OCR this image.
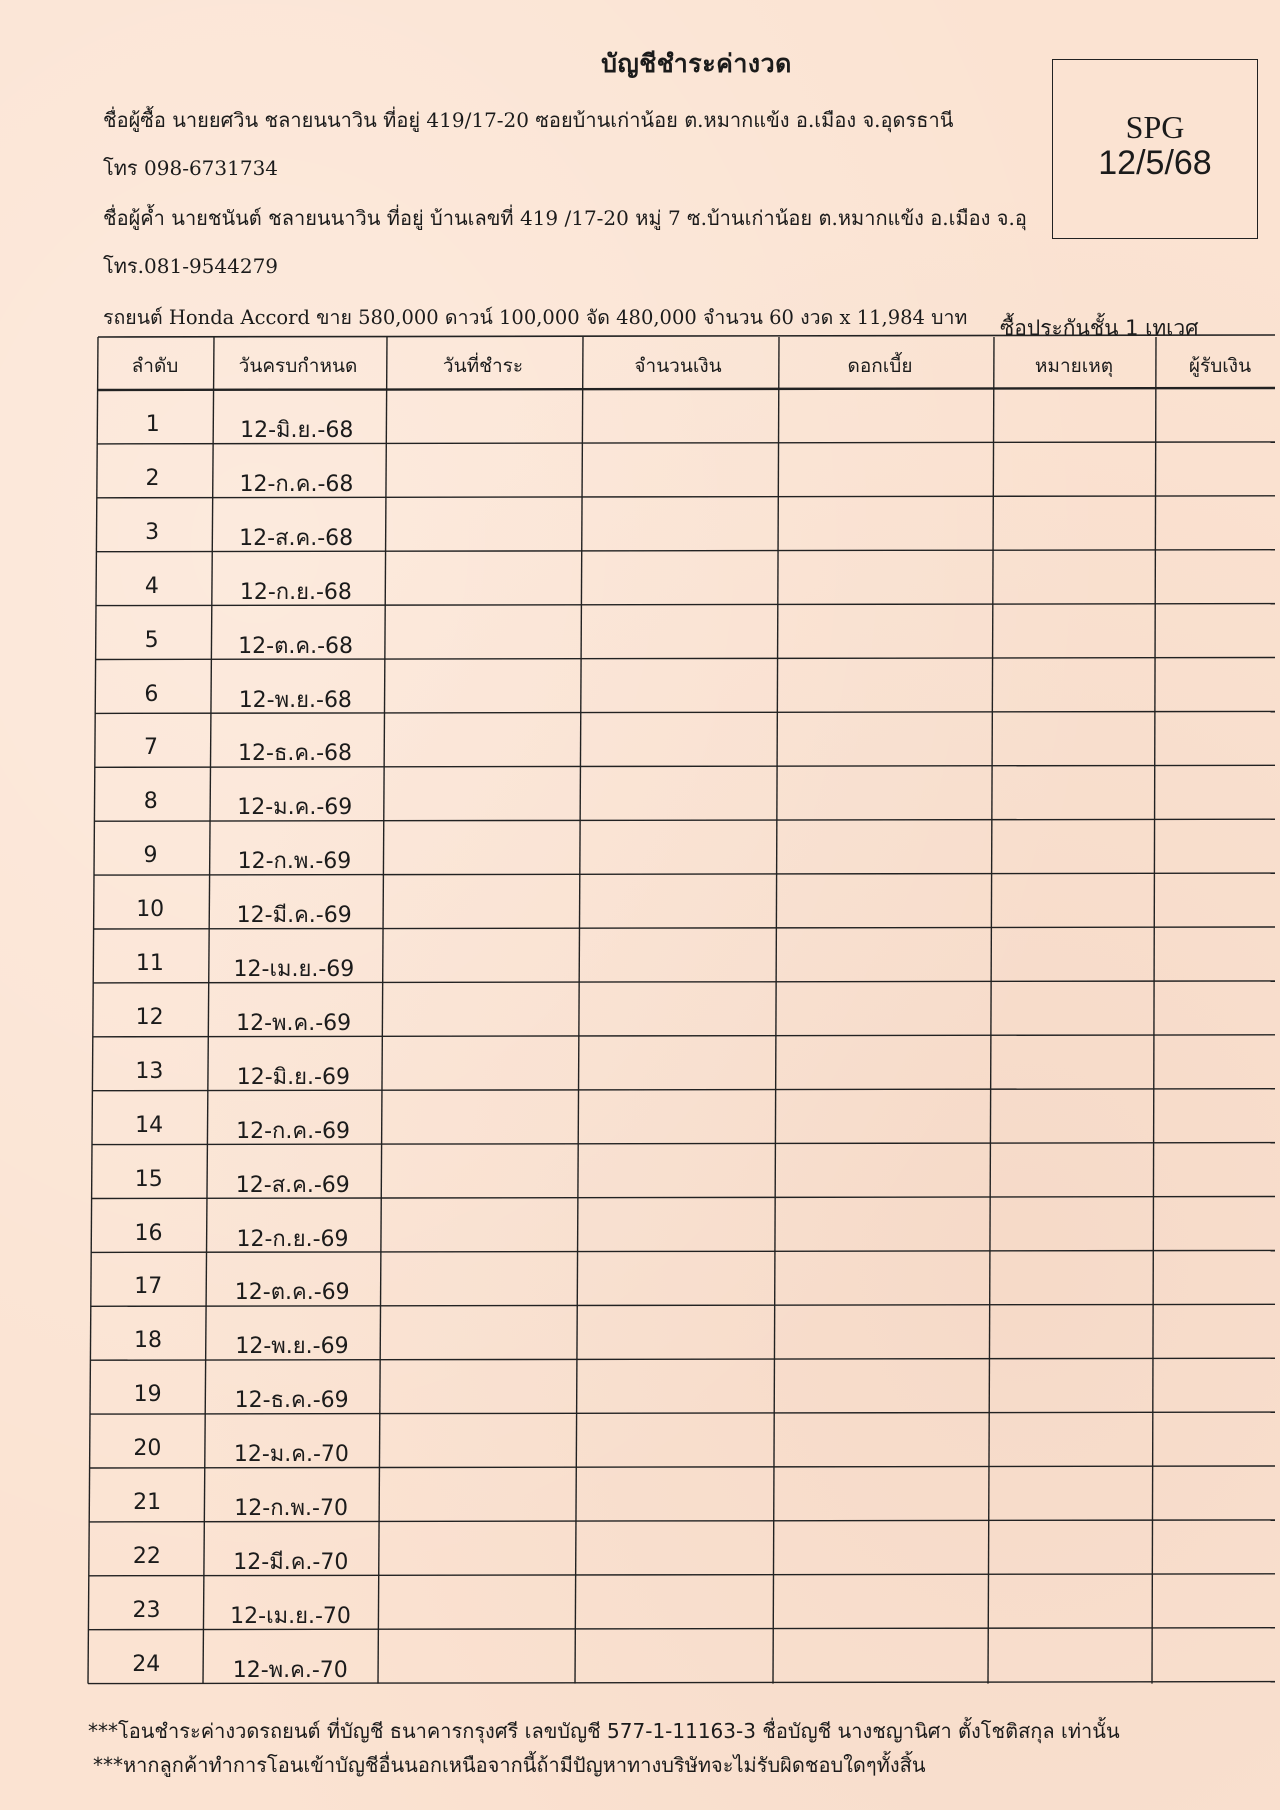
บัญชีชำระค่างวด
ชื่อผู้ซื้อ นายยศวิน ชลายนนาวิน ที่อยู่ 419/17-20 ซอยบ้านเก่าน้อย ต.หมากแข้ง อ.เมือง จ.อุดรธานี
โทร 098-6731734
ชื่อผู้ค้ำ นายชนันต์ ชลายนนาวิน ที่อยู่ บ้านเลขที่ 419 /17-20 หมู่ 7 ซ.บ้านเก่าน้อย ต.หมากแข้ง อ.เมือง จ.อุ
โทร.081-9544279
รถยนต์ Honda Accord ขาย 580,000 ดาวน์ 100,000 จัด 480,000 จำนวน 60 งวด x 11,984 บาท
SPG
12/5/68
ซื้อประกันชั้น 1 เทเวศ
ลำดับ	วันครบกำหนด	วันที่ชำระ	จำนวนเงิน	ดอกเบี้ย	หมายเหตุ	ผู้รับเงิน
1	12-มิ.ย.-68
2	12-ก.ค.-68
3	12-ส.ค.-68
4	12-ก.ย.-68
5	12-ต.ค.-68
6	12-พ.ย.-68
7	12-ธ.ค.-68
8	12-ม.ค.-69
9	12-ก.พ.-69
10	12-มี.ค.-69
11	12-เม.ย.-69
12	12-พ.ค.-69
13	12-มิ.ย.-69
14	12-ก.ค.-69
15	12-ส.ค.-69
16	12-ก.ย.-69
17	12-ต.ค.-69
18	12-พ.ย.-69
19	12-ธ.ค.-69
20	12-ม.ค.-70
21	12-ก.พ.-70
22	12-มี.ค.-70
23	12-เม.ย.-70
24	12-พ.ค.-70
***โอนชำระค่างวดรถยนต์ ที่บัญชี ธนาคารกรุงศรี เลขบัญชี 577-1-11163-3 ชื่อบัญชี นางชญานิศา ตั้งโชติสกุล เท่านั้น
***หากลูกค้าทำการโอนเข้าบัญชีอื่นนอกเหนือจากนี้ถ้ามีปัญหาทางบริษัทจะไม่รับผิดชอบใดๆทั้งสิ้น
